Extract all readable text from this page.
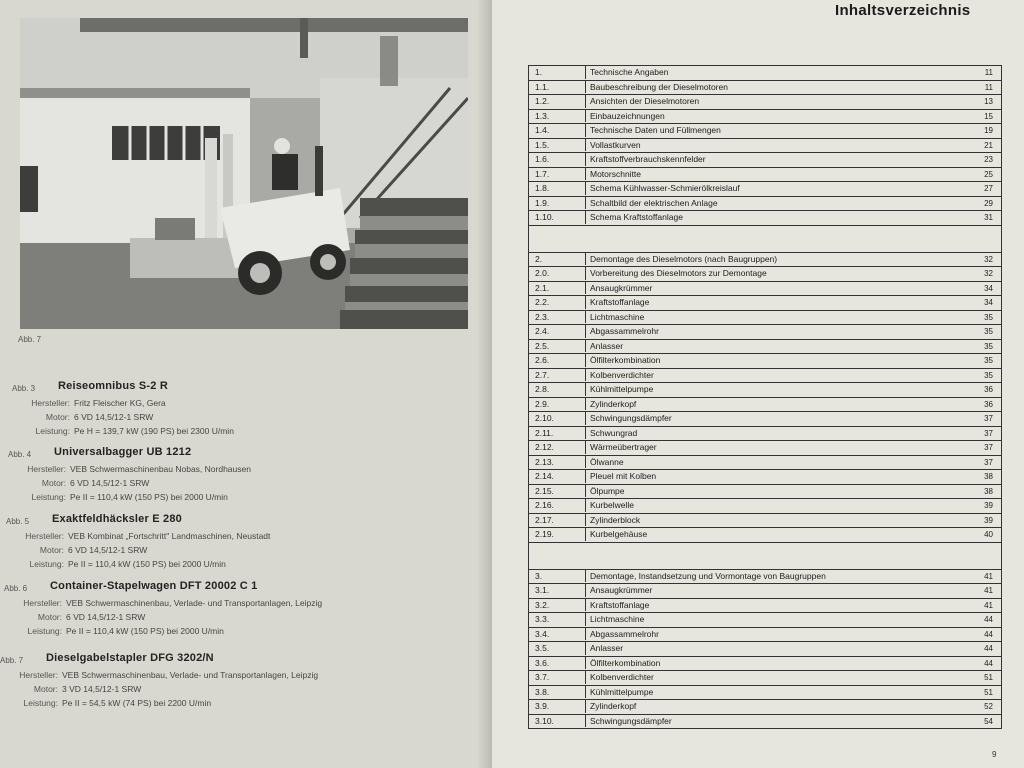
Abb. 7
Abb. 3 Reiseomnibus S-2 R
Hersteller: Fritz Fleischer KG, Gera
Motor: 6 VD 14,5/12-1 SRW
Leistung: Pe H = 139,7 kW (190 PS) bei 2300 U/min
Abb. 4 Universalbagger UB 1212
Hersteller: VEB Schwermaschinenbau Nobas, Nordhausen
Motor: 6 VD 14,5/12-1 SRW
Leistung: Pe II = 110,4 kW (150 PS) bei 2000 U/min
Abb. 5 Exaktfeldhäcksler E 280
Hersteller: VEB Kombinat „Fortschritt" Landmaschinen, Neustadt
Motor: 6 VD 14,5/12-1 SRW
Leistung: Pe II = 110,4 kW (150 PS) bei 2000 U/min
Abb. 6 Container-Stapelwagen DFT 20002 C 1
Hersteller: VEB Schwermaschinenbau, Verlade- und Transportanlagen, Leipzig
Motor: 6 VD 14,5/12-1 SRW
Leistung: Pe II = 110,4 kW (150 PS) bei 2000 U/min
Abb. 7 Dieselgabelstapler DFG 3202/N
Hersteller: VEB Schwermaschinenbau, Verlade- und Transportanlagen, Leipzig
Motor: 3 VD 14,5/12-1 SRW
Leistung: Pe II = 54,5 kW (74 PS) bei 2200 U/min
Inhaltsverzeichnis
1.	Technische Angaben	11
1.1.	Baubeschreibung der Dieselmotoren	11
1.2.	Ansichten der Dieselmotoren	13
1.3.	Einbauzeichnungen	15
1.4.	Technische Daten und Füllmengen	19
1.5.	Vollastkurven	21
1.6.	Kraftstoffverbrauchskennfelder	23
1.7.	Motorschnitte	25
1.8.	Schema Kühlwasser-Schmierölkreislauf	27
1.9.	Schaltbild der elektrischen Anlage	29
1.10.	Schema Kraftstoffanlage	31
2.	Demontage des Dieselmotors (nach Baugruppen)	32
2.0.	Vorbereitung des Dieselmotors zur Demontage	32
2.1.	Ansaugkrümmer	34
2.2.	Kraftstoffanlage	34
2.3.	Lichtmaschine	35
2.4.	Abgassammelrohr	35
2.5.	Anlasser	35
2.6.	Ölfilterkombination	35
2.7.	Kolbenverdichter	35
2.8.	Kühlmittelpumpe	36
2.9.	Zylinderkopf	36
2.10.	Schwingungsdämpfer	37
2.11.	Schwungrad	37
2.12.	Wärmeübertrager	37
2.13.	Ölwanne	37
2.14.	Pleuel mit Kolben	38
2.15.	Ölpumpe	38
2.16.	Kurbelwelle	39
2.17.	Zylinderblock	39
2.19.	Kurbelgehäuse	40
3.	Demontage, Instandsetzung und Vormontage von Baugruppen	41
3.1.	Ansaugkrümmer	41
3.2.	Kraftstoffanlage	41
3.3.	Lichtmaschine	44
3.4.	Abgassammelrohr	44
3.5.	Anlasser	44
3.6.	Ölfilterkombination	44
3.7.	Kolbenverdichter	51
3.8.	Kühlmittelpumpe	51
3.9.	Zylinderkopf	52
3.10.	Schwingungsdämpfer	54
9
